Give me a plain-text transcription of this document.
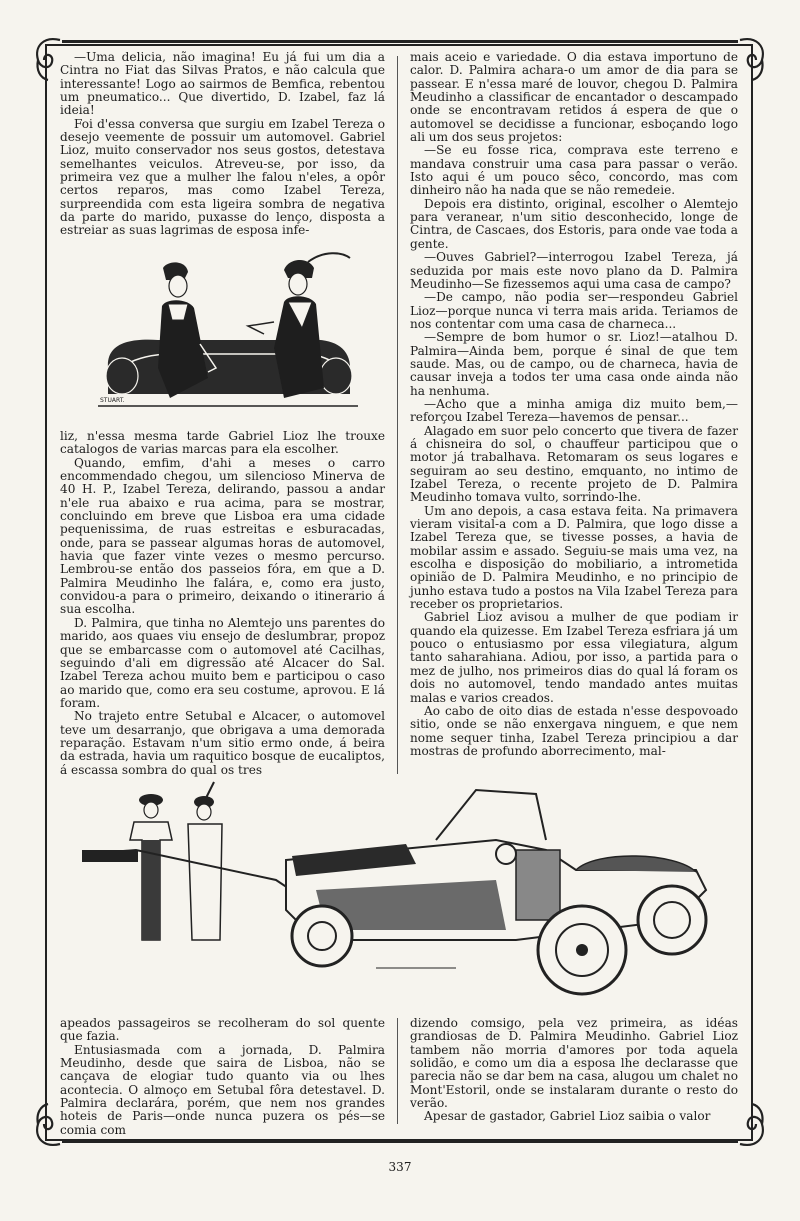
—Uma delicia, não imagina! Eu já fui um dia a Cintra no Fiat das Silvas Pratos, e não calcula que interessante! Logo ao sairmos de Bemfica, rebentou um pneumatico... Que divertido, D. Izabel, faz lá ideia!

Foi d'essa conversa que surgiu em Izabel Tereza o desejo veemente de possuir um automovel. Gabriel Lioz, muito conservador nos seus gostos, detestava semelhantes veiculos. Atreveu-se, por isso, da primeira vez que a mulher lhe falou n'eles, a opôr certos reparos, mas como Izabel Tereza, surpreendida com esta ligeira sombra de negativa da parte do marido, puxasse do lenço, disposta a estreiar as suas lagrimas de esposa infe-

STUART.

liz, n'essa mesma tarde Gabriel Lioz lhe trouxe catalogos de varias marcas para ela escolher.

Quando, emfim, d'ahi a meses o carro encommendado chegou, um silencioso Minerva de 40 H. P., Izabel Tereza, delirando, passou a andar n'ele rua abaixo e rua acima, para se mostrar, concluindo em breve que Lisboa era uma cidade pequenissima, de ruas estreitas e esburacadas, onde, para se passear algumas horas de automovel, havia que fazer vinte vezes o mesmo percurso. Lembrou-se então dos passeios fóra, em que a D. Palmira Meudinho lhe falára, e, como era justo, convidou-a para o primeiro, deixando o itinerario á sua escolha.

D. Palmira, que tinha no Alemtejo uns parentes do marido, aos quaes viu ensejo de deslumbrar, propoz que se embarcasse com o automovel até Cacilhas, seguindo d'ali em digressão até Alcacer do Sal. Izabel Tereza achou muito bem e participou o caso ao marido que, como era seu costume, aprovou. E lá foram.

No trajeto entre Setubal e Alcacer, o automovel teve um desarranjo, que obrigava a uma demorada reparação. Estavam n'um sitio ermo onde, á beira da estrada, havia um raquitico bosque de eucaliptos, á escassa sombra do qual os tres

mais aceio e variedade. O dia estava importuno de calor. D. Palmira achara-o um amor de dia para se passear. E n'essa maré de louvor, chegou D. Palmira Meudinho a classificar de encantador o descampado onde se encontravam retidos á espera de que o automovel se decidisse a funcionar, esboçando logo ali um dos seus projetos:

—Se eu fosse rica, comprava este terreno e mandava construir uma casa para passar o verão. Isto aqui é um pouco sêco, concordo, mas com dinheiro não ha nada que se não remedeie.

Depois era distinto, original, escolher o Alemtejo para veranear, n'um sitio desconhecido, longe de Cintra, de Cascaes, dos Estoris, para onde vae toda a gente.

—Ouves Gabriel?—interrogou Izabel Tereza, já seduzida por mais este novo plano da D. Palmira Meudinho—Se fizessemos aqui uma casa de campo?

—De campo, não podia ser—respondeu Gabriel Lioz—porque nunca vi terra mais arida. Teriamos de nos contentar com uma casa de charneca...

—Sempre de bom humor o sr. Lioz!—atalhou D. Palmira—Ainda bem, porque é sinal de que tem saude. Mas, ou de campo, ou de charneca, havia de causar inveja a todos ter uma casa onde ainda não ha nenhuma.

—Acho que a minha amiga diz muito bem,—reforçou Izabel Tereza—havemos de pensar...

Alagado em suor pelo concerto que tivera de fazer á chisneira do sol, o chauffeur participou que o motor já trabalhava. Retomaram os seus logares e seguiram ao seu destino, emquanto, no intimo de Izabel Tereza, o recente projeto de D. Palmira Meudinho tomava vulto, sorrindo-lhe.

Um ano depois, a casa estava feita. Na primavera vieram visital-a com a D. Palmira, que logo disse a Izabel Tereza que, se tivesse posses, a havia de mobilar assim e assado. Seguiu-se mais uma vez, na escolha e disposição do mobiliario, a intrometida opinião de D. Palmira Meudinho, e no principio de junho estava tudo a postos na Vila Izabel Tereza para receber os proprietarios.

Gabriel Lioz avisou a mulher de que podiam ir quando ela quizesse. Em Izabel Tereza esfriara já um pouco o entusiasmo por essa vilegiatura, algum tanto saharahiana. Adiou, por isso, a partida para o mez de julho, nos primeiros dias do qual lá foram os dois no automovel, tendo mandado antes muitas malas e varios creados.

Ao cabo de oito dias de estada n'esse despovoado sitio, onde se não enxergava ninguem, e que nem nome sequer tinha, Izabel Tereza principiou a dar mostras de profundo aborrecimento, mal-

apeados passageiros se recolheram do sol quente que fazia.

Entusiasmada com a jornada, D. Palmira Meudinho, desde que saira de Lisboa, não se cançava de elogiar tudo quanto via ou lhes acontecia. O almoço em Setubal fôra detestavel. D. Palmira declarára, porém, que nem nos grandes hoteis de Paris—onde nunca puzera os pés—se comia com

dizendo comsigo, pela vez primeira, as idéas grandiosas de D. Palmira Meudinho. Gabriel Lioz tambem não morria d'amores por toda aquela solidão, e como um dia a esposa lhe declarasse que parecia não se dar bem na casa, alugou um chalet no Mont'Estoril, onde se instalaram durante o resto do verão.

Apesar de gastador, Gabriel Lioz saibia o valor

337
